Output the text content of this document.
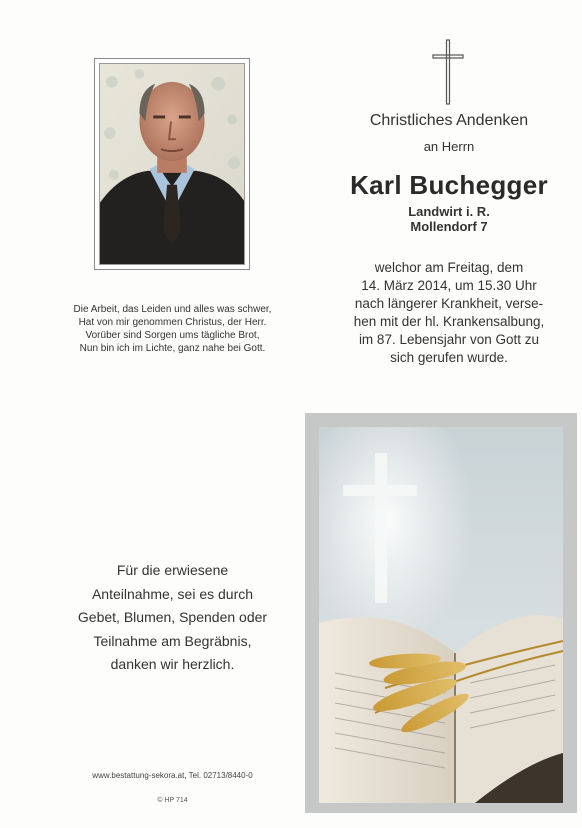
Die Arbeit, das Leiden und alles was schwer,
Hat von mir genommen Christus, der Herr.
Vorüber sind Sorgen ums tägliche Brot,
Nun bin ich im Lichte, ganz nahe bei Gott.
Christliches Andenken
an Herrn
Karl Buchegger
Landwirt i. R.
Mollendorf 7
welchor am Freitag, dem
14. März 2014, um 15.30 Uhr
nach längerer Krankheit, verse-
hen mit der hl. Krankensalbung,
im 87. Lebensjahr von Gott zu
sich gerufen wurde.
Für die erwiesene
Anteilnahme, sei es durch
Gebet, Blumen, Spenden oder
Teilnahme am Begräbnis,
danken wir herzlich.
www.bestattung-sekora.at, Tel. 02713/8440-0
© HP 714
